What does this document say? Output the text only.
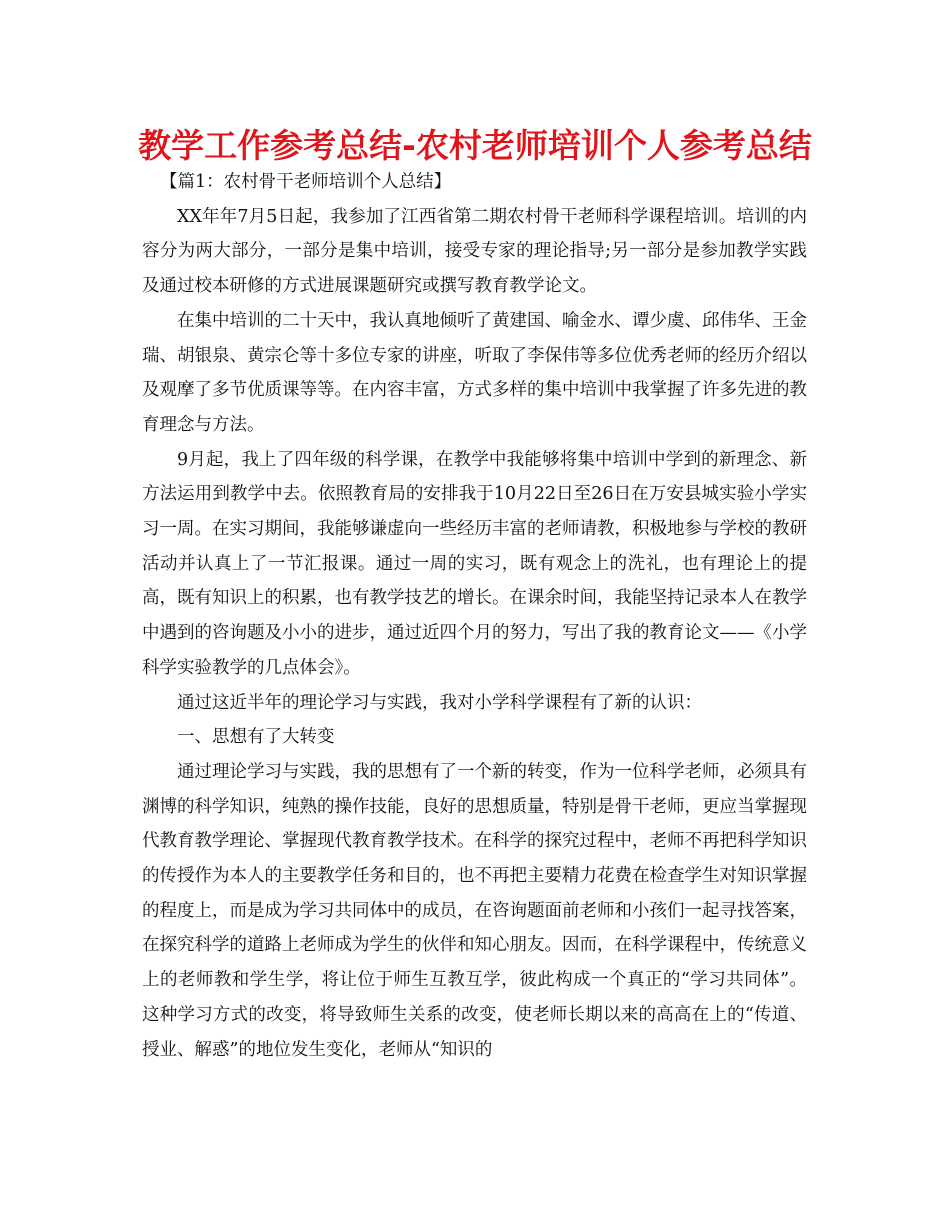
教学工作参考总结-农村老师培训个人参考总结

【篇1：农村骨干老师培训个人总结】

XX年年7月5日起，我参加了江西省第二期农村骨干老师科学课程培训。培训的内容分为两大部分，一部分是集中培训，接受专家的理论指导;另一部分是参加教学实践及通过校本研修的方式进展课题研究或撰写教育教学论文。

在集中培训的二十天中，我认真地倾听了黄建国、喻金水、谭少虞、邱伟华、王金瑞、胡银泉、黄宗仑等十多位专家的讲座，听取了李保伟等多位优秀老师的经历介绍以及观摩了多节优质课等等。在内容丰富，方式多样的集中培训中我掌握了许多先进的教育理念与方法。

9月起，我上了四年级的科学课，在教学中我能够将集中培训中学到的新理念、新方法运用到教学中去。依照教育局的安排我于10月22日至26日在万安县城实验小学实习一周。在实习期间，我能够谦虚向一些经历丰富的老师请教，积极地参与学校的教研活动并认真上了一节汇报课。通过一周的实习，既有观念上的洗礼，也有理论上的提高，既有知识上的积累，也有教学技艺的增长。在课余时间，我能坚持记录本人在教学中遇到的咨询题及小小的进步，通过近四个月的努力，写出了我的教育论文——《小学科学实验教学的几点体会》。

通过这近半年的理论学习与实践，我对小学科学课程有了新的认识：

一、思想有了大转变

通过理论学习与实践，我的思想有了一个新的转变，作为一位科学老师，必须具有渊博的科学知识，纯熟的操作技能，良好的思想质量，特别是骨干老师，更应当掌握现代教育教学理论、掌握现代教育教学技术。在科学的探究过程中，老师不再把科学知识的传授作为本人的主要教学任务和目的，也不再把主要精力花费在检查学生对知识掌握的程度上，而是成为学习共同体中的成员，在咨询题面前老师和小孩们一起寻找答案，在探究科学的道路上老师成为学生的伙伴和知心朋友。因而，在科学课程中，传统意义上的老师教和学生学，将让位于师生互教互学，彼此构成一个真正的“学习共同体”。这种学习方式的改变，将导致师生关系的改变，使老师长期以来的高高在上的“传道、授业、解惑”的地位发生变化，老师从“知识的
